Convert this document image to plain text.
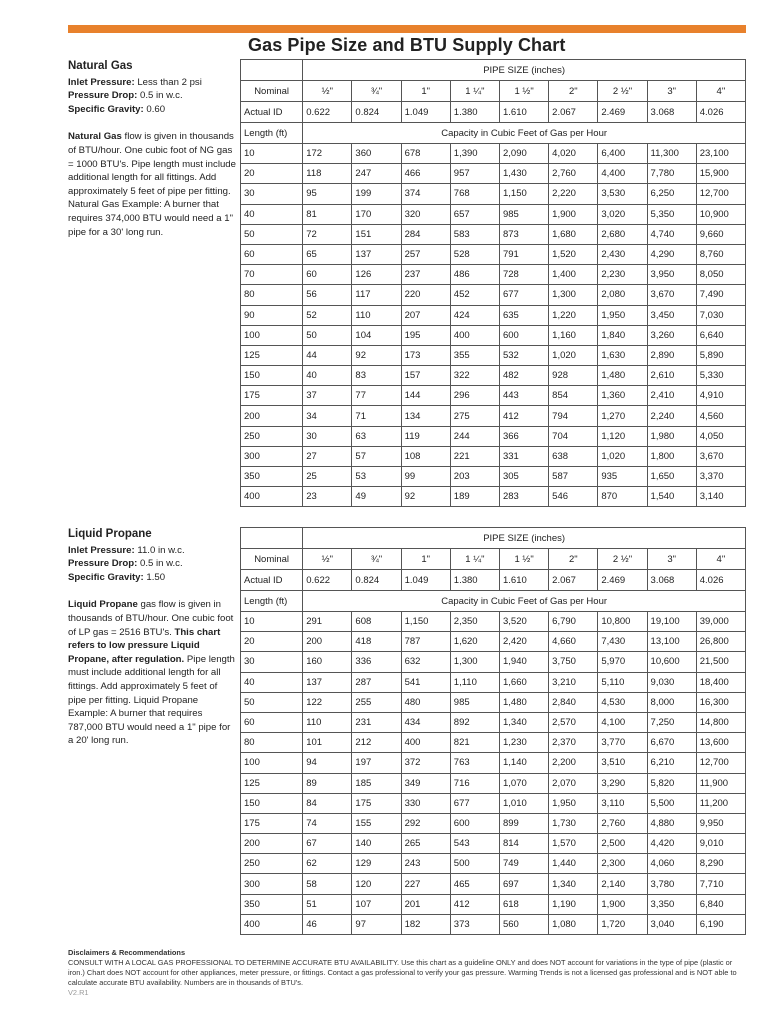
Gas Pipe Size and BTU Supply Chart
Natural Gas

Inlet Pressure: Less than 2 psi

Pressure Drop: 0.5 in w.c.

Specific Gravity: 0.60

Natural Gas flow is given in thousands of BTU/hour. One cubic foot of NG gas = 1000 BTU's. Pipe length must include additional length for all fittings. Add approximately 5 feet of pipe per fitting. Natural Gas Example: A burner that requires 374,000 BTU would need a 1" pipe for a 30' long run.

Liquid Propane

Inlet Pressure: 11.0 in w.c.

Pressure Drop: 0.5 in w.c.

Specific Gravity: 1.50

Liquid Propane gas flow is given in thousands of BTU/hour. One cubic foot of LP gas = 2516 BTU's. This chart refers to low pressure Liquid Propane, after regulation. Pipe length must include additional length for all fittings. Add approximately 5 feet of pipe per fitting. Liquid Propane Example: A burner that requires 787,000 BTU would need a 1" pipe for a 20' long run.

	PIPE SIZE (inches)								
Nominal	½"	¾"	1"	1 ¼"	1 ½"	2"	2 ½"	3"	4"
Actual ID	0.622	0.824	1.049	1.380	1.610	2.067	2.469	3.068	4.026
Length (ft)	Capacity in Cubic Feet of Gas per Hour								
10	172	360	678	1,390	2,090	4,020	6,400	11,300	23,100
20	118	247	466	957	1,430	2,760	4,400	7,780	15,900
30	95	199	374	768	1,150	2,220	3,530	6,250	12,700
40	81	170	320	657	985	1,900	3,020	5,350	10,900
50	72	151	284	583	873	1,680	2,680	4,740	9,660
60	65	137	257	528	791	1,520	2,430	4,290	8,760
70	60	126	237	486	728	1,400	2,230	3,950	8,050
80	56	117	220	452	677	1,300	2,080	3,670	7,490
90	52	110	207	424	635	1,220	1,950	3,450	7,030
100	50	104	195	400	600	1,160	1,840	3,260	6,640
125	44	92	173	355	532	1,020	1,630	2,890	5,890
150	40	83	157	322	482	928	1,480	2,610	5,330
175	37	77	144	296	443	854	1,360	2,410	4,910
200	34	71	134	275	412	794	1,270	2,240	4,560
250	30	63	119	244	366	704	1,120	1,980	4,050
300	27	57	108	221	331	638	1,020	1,800	3,670
350	25	53	99	203	305	587	935	1,650	3,370
400	23	49	92	189	283	546	870	1,540	3,140
	PIPE SIZE (inches)								
Nominal	½"	¾"	1"	1 ¼"	1 ½"	2"	2 ½"	3"	4"
Actual ID	0.622	0.824	1.049	1.380	1.610	2.067	2.469	3.068	4.026
Length (ft)	Capacity in Cubic Feet of Gas per Hour								
10	291	608	1,150	2,350	3,520	6,790	10,800	19,100	39,000
20	200	418	787	1,620	2,420	4,660	7,430	13,100	26,800
30	160	336	632	1,300	1,940	3,750	5,970	10,600	21,500
40	137	287	541	1,110	1,660	3,210	5,110	9,030	18,400
50	122	255	480	985	1,480	2,840	4,530	8,000	16,300
60	110	231	434	892	1,340	2,570	4,100	7,250	14,800
80	101	212	400	821	1,230	2,370	3,770	6,670	13,600
100	94	197	372	763	1,140	2,200	3,510	6,210	12,700
125	89	185	349	716	1,070	2,070	3,290	5,820	11,900
150	84	175	330	677	1,010	1,950	3,110	5,500	11,200
175	74	155	292	600	899	1,730	2,760	4,880	9,950
200	67	140	265	543	814	1,570	2,500	4,420	9,010
250	62	129	243	500	749	1,440	2,300	4,060	8,290
300	58	120	227	465	697	1,340	2,140	3,780	7,710
350	51	107	201	412	618	1,190	1,900	3,350	6,840
400	46	97	182	373	560	1,080	1,720	3,040	6,190
Disclaimers & Recommendations
CONSULT WITH A LOCAL GAS PROFESSIONAL TO DETERMINE ACCURATE BTU AVAILABILITY. Use this chart as a guideline ONLY and does NOT account for variations in the type of pipe (plastic or iron.) Chart does NOT account for other appliances, meter pressure, or fittings. Contact a gas professional to verify your gas pressure. Warming Trends is not a licensed gas professional and is NOT able to calculate accurate BTU availability. Numbers are in thousands of BTU's.
V2.R1
